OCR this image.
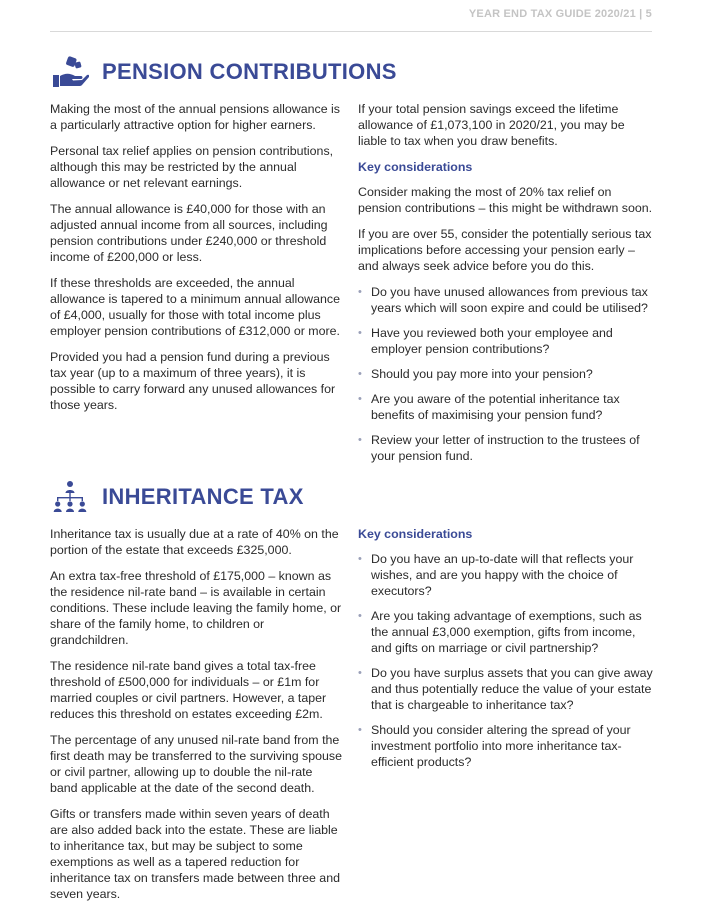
YEAR END TAX GUIDE 2020/21 | 5
PENSION CONTRIBUTIONS

Making the most of the annual pensions allowance is a particularly attractive option for higher earners.

Personal tax relief applies on pension contributions, although this may be restricted by the annual allowance or net relevant earnings.

The annual allowance is £40,000 for those with an adjusted annual income from all sources, including pension contributions under £240,000 or threshold income of £200,000 or less.

If these thresholds are exceeded, the annual allowance is tapered to a minimum annual allowance of £4,000, usually for those with total income plus employer pension contributions of £312,000 or more.

Provided you had a pension fund during a previous tax year (up to a maximum of three years), it is possible to carry forward any unused allowances for those years.

If your total pension savings exceed the lifetime allowance of £1,073,100 in 2020/21, you may be liable to tax when you draw benefits.

Key considerations

Consider making the most of 20% tax relief on pension contributions – this might be withdrawn soon.

If you are over 55, consider the potentially serious tax implications before accessing your pension early – and always seek advice before you do this.

• Do you have unused allowances from previous tax years which will soon expire and could be utilised?
• Have you reviewed both your employee and employer pension contributions?
• Should you pay more into your pension?
• Are you aware of the potential inheritance tax benefits of maximising your pension fund?
• Review your letter of instruction to the trustees of your pension fund.
INHERITANCE TAX

Inheritance tax is usually due at a rate of 40% on the portion of the estate that exceeds £325,000.

An extra tax-free threshold of £175,000 – known as the residence nil-rate band – is available in certain conditions. These include leaving the family home, or share of the family home, to children or grandchildren.

The residence nil-rate band gives a total tax-free threshold of £500,000 for individuals – or £1m for married couples or civil partners. However, a taper reduces this threshold on estates exceeding £2m.

The percentage of any unused nil-rate band from the first death may be transferred to the surviving spouse or civil partner, allowing up to double the nil-rate band applicable at the date of the second death.

Gifts or transfers made within seven years of death are also added back into the estate. These are liable to inheritance tax, but may be subject to some exemptions as well as a tapered reduction for inheritance tax on transfers made between three and seven years.

Key considerations
• Do you have an up-to-date will that reflects your wishes, and are you happy with the choice of executors?
• Are you taking advantage of exemptions, such as the annual £3,000 exemption, gifts from income, and gifts on marriage or civil partnership?
• Do you have surplus assets that you can give away and thus potentially reduce the value of your estate that is chargeable to inheritance tax?
• Should you consider altering the spread of your investment portfolio into more inheritance tax-efficient products?
